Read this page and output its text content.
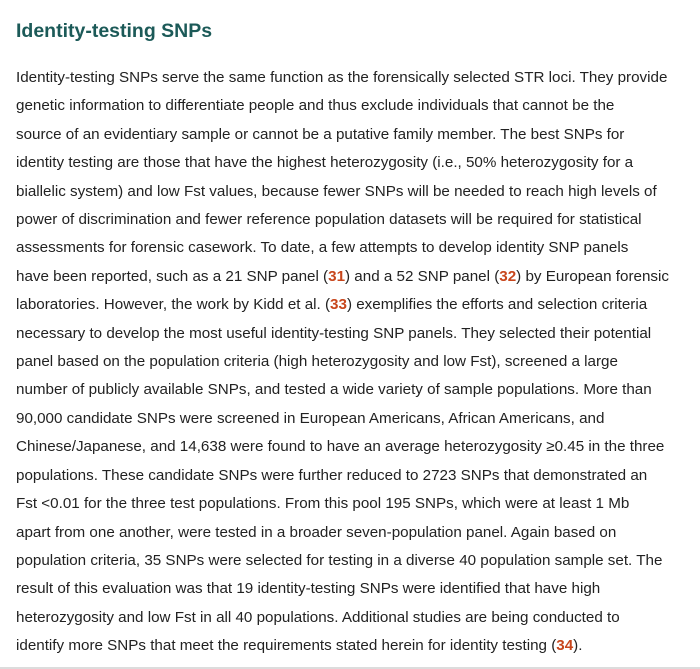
Identity-testing SNPs

Identity-testing SNPs serve the same function as the forensically selected STR loci. They provide
genetic information to differentiate people and thus exclude individuals that cannot be the
source of an evidentiary sample or cannot be a putative family member. The best SNPs for
identity testing are those that have the highest heterozygosity (i.e., 50% heterozygosity for a
biallelic system) and low Fst values, because fewer SNPs will be needed to reach high levels of
power of discrimination and fewer reference population datasets will be required for statistical
assessments for forensic casework. To date, a few attempts to develop identity SNP panels
have been reported, such as a 21 SNP panel (31) and a 52 SNP panel (32) by European forensic
laboratories. However, the work by Kidd et al. (33) exemplifies the efforts and selection criteria
necessary to develop the most useful identity-testing SNP panels. They selected their potential
panel based on the population criteria (high heterozygosity and low Fst), screened a large
number of publicly available SNPs, and tested a wide variety of sample populations. More than
90,000 candidate SNPs were screened in European Americans, African Americans, and
Chinese/Japanese, and 14,638 were found to have an average heterozygosity ≥0.45 in the three
populations. These candidate SNPs were further reduced to 2723 SNPs that demonstrated an
Fst <0.01 for the three test populations. From this pool 195 SNPs, which were at least 1 Mb
apart from one another, were tested in a broader seven-population panel. Again based on
population criteria, 35 SNPs were selected for testing in a diverse 40 population sample set. The
result of this evaluation was that 19 identity-testing SNPs were identified that have high
heterozygosity and low Fst in all 40 populations. Additional studies are being conducted to
identify more SNPs that meet the requirements stated herein for identity testing (34).
